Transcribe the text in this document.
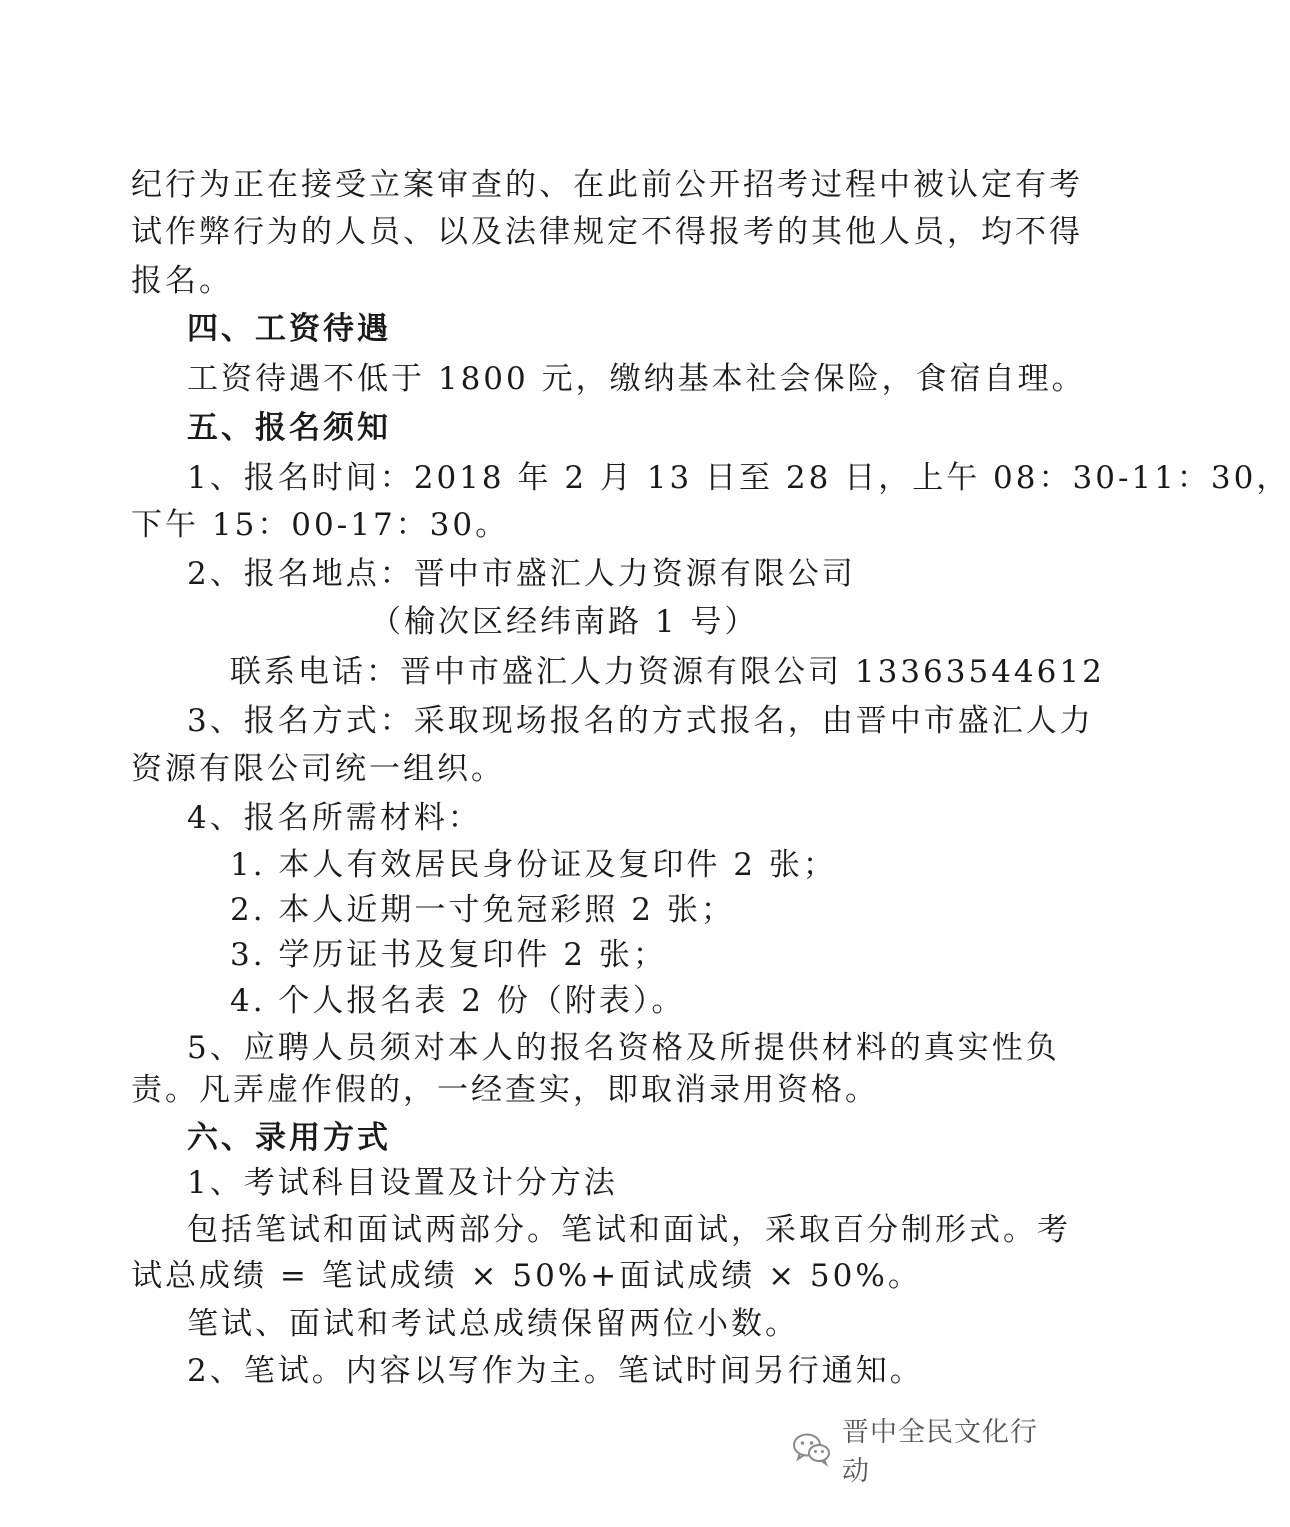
纪行为正在接受立案审查的、在此前公开招考过程中被认定有考
试作弊行为的人员、以及法律规定不得报考的其他人员，均不得
报名。
四、工资待遇
工资待遇不低于 1800 元，缴纳基本社会保险，食宿自理。
五、报名须知
1、报名时间：2018 年 2 月 13 日至 28 日，上午 08：30-11：30，
下午 15：00-17：30。
2、报名地点：晋中市盛汇人力资源有限公司
（榆次区经纬南路 1 号）
联系电话：晋中市盛汇人力资源有限公司 13363544612
3、报名方式：采取现场报名的方式报名，由晋中市盛汇人力
资源有限公司统一组织。
4、报名所需材料：
1. 本人有效居民身份证及复印件 2 张；
2. 本人近期一寸免冠彩照 2 张；
3. 学历证书及复印件 2 张；
4. 个人报名表 2 份（附表）。
5、应聘人员须对本人的报名资格及所提供材料的真实性负
责。凡弄虚作假的，一经查实，即取消录用资格。
六、录用方式
1、考试科目设置及计分方法
包括笔试和面试两部分。笔试和面试，采取百分制形式。考
试总成绩 = 笔试成绩 × 50%+面试成绩 × 50%。
笔试、面试和考试总成绩保留两位小数。
2、笔试。内容以写作为主。笔试时间另行通知。
晋中全民文化行动
